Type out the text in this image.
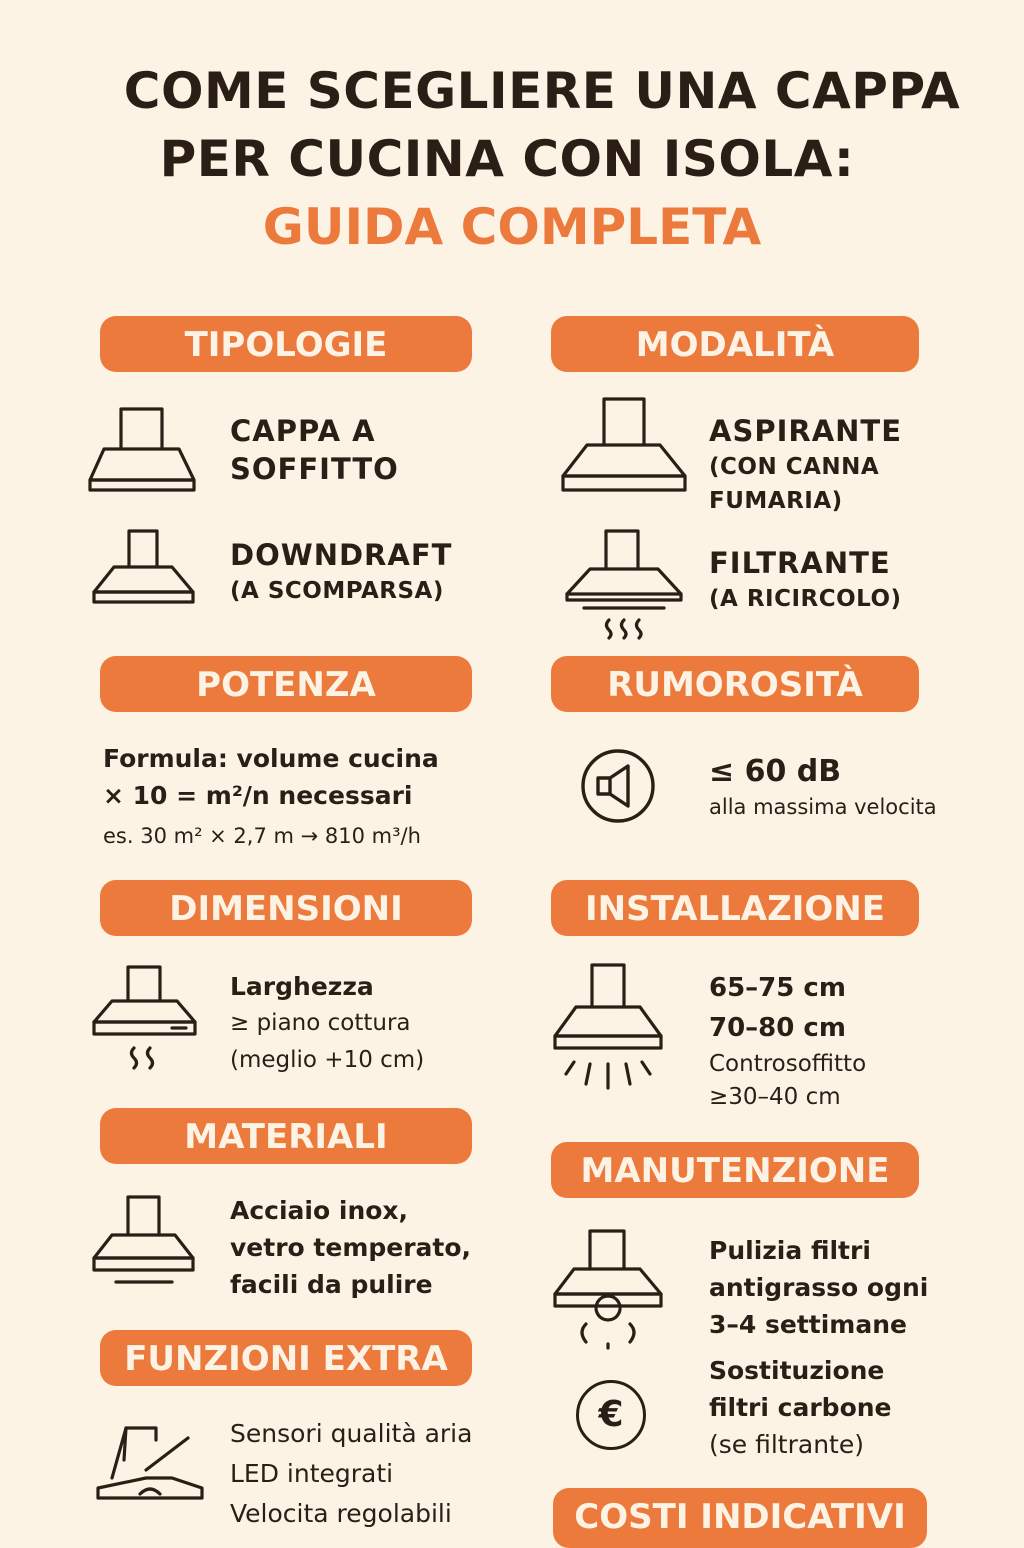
COME SCEGLIERE UNA CAPPA
PER CUCINA CON ISOLA:
GUIDA COMPLETA
TIPOLOGIE
CAPPA A
SOFFITTO
DOWNDRAFT
(A SCOMPARSA)
POTENZA
Formula: volume cucina
× 10 = m²/n necessari
es. 30 m² × 2,7 m → 810 m³/h
DIMENSIONI
Larghezza
≥ piano cottura
(meglio +10 cm)
MATERIALI
Acciaio inox,
vetro temperato,
facili da pulire
FUNZIONI EXTRA
Sensori qualità aria
LED integrati
Velocita regolabili
MODALITÀ
ASPIRANTE
(CON CANNA
FUMARIA)
FILTRANTE
(A RICIRCOLO)
RUMOROSITÀ
≤ 60 dB
alla massima velocita
INSTALLAZIONE
65–75 cm
70–80 cm
Controsoffitto
≥30–40 cm
MANUTENZIONE
Pulizia filtri
antigrasso ogni
3–4 settimane
€
Sostituzione
filtri carbone
(se filtrante)
COSTI INDICATIVI
